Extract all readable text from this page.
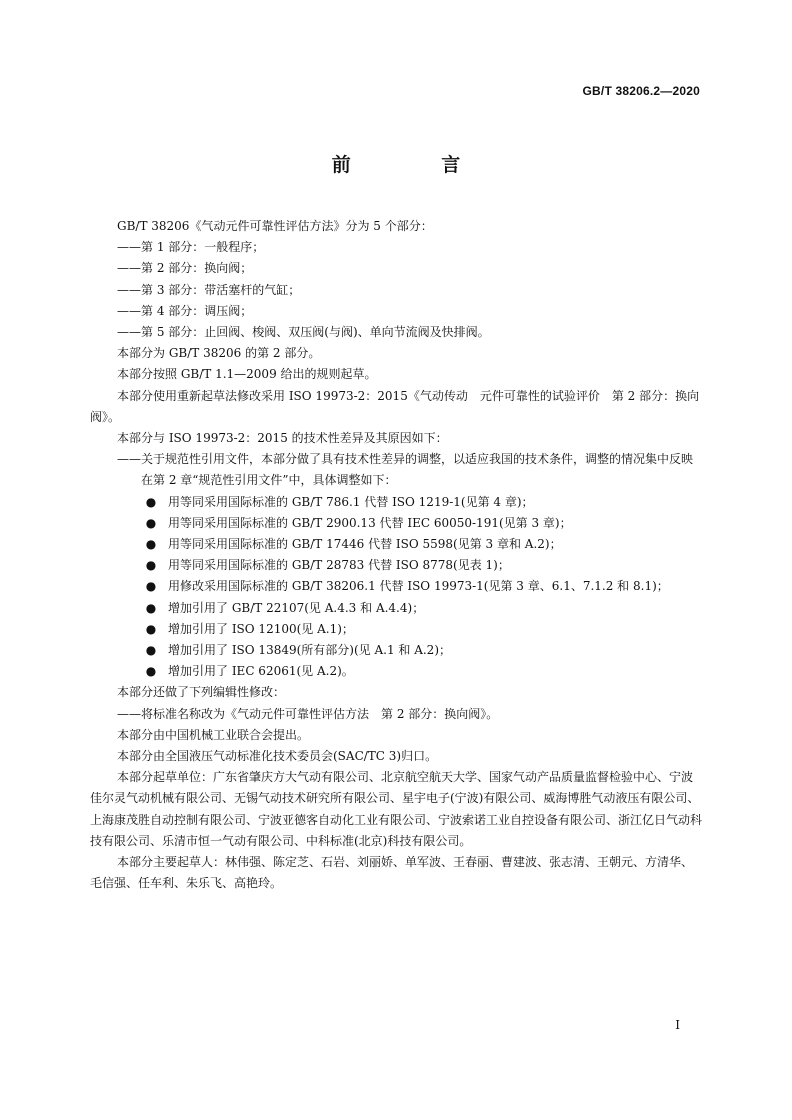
GB/T 38206.2—2020
前 言

GB/T 38206《气动元件可靠性评估方法》分为 5 个部分：

——第 1 部分：一般程序；

——第 2 部分：换向阀；

——第 3 部分：带活塞杆的气缸；

——第 4 部分：调压阀；

——第 5 部分：止回阀、梭阀、双压阀(与阀)、单向节流阀及快排阀。

本部分为 GB/T 38206 的第 2 部分。

本部分按照 GB/T 1.1—2009 给出的规则起草。

本部分使用重新起草法修改采用 ISO 19973-2：2015《气动传动　元件可靠性的试验评价　第 2 部分：换向阀》。

本部分与 ISO 19973-2：2015 的技术性差异及其原因如下：

——关于规范性引用文件，本部分做了具有技术性差异的调整，以适应我国的技术条件，调整的情况集中反映在第 2 章“规范性引用文件”中，具体调整如下：

● 用等同采用国际标准的 GB/T 786.1 代替 ISO 1219-1(见第 4 章)；

● 用等同采用国际标准的 GB/T 2900.13 代替 IEC 60050-191(见第 3 章)；

● 用等同采用国际标准的 GB/T 17446 代替 ISO 5598(见第 3 章和 A.2)；

● 用等同采用国际标准的 GB/T 28783 代替 ISO 8778(见表 1)；

● 用修改采用国际标准的 GB/T 38206.1 代替 ISO 19973-1(见第 3 章、6.1、7.1.2 和 8.1)；

● 增加引用了 GB/T 22107(见 A.4.3 和 A.4.4)；

● 增加引用了 ISO 12100(见 A.1)；

● 增加引用了 ISO 13849(所有部分)(见 A.1 和 A.2)；

● 增加引用了 IEC 62061(见 A.2)。

本部分还做了下列编辑性修改：

——将标准名称改为《气动元件可靠性评估方法　第 2 部分：换向阀》。

本部分由中国机械工业联合会提出。

本部分由全国液压气动标准化技术委员会(SAC/TC 3)归口。

本部分起草单位：广东省肇庆方大气动有限公司、北京航空航天大学、国家气动产品质量监督检验中心、宁波佳尔灵气动机械有限公司、无锡气动技术研究所有限公司、星宇电子(宁波)有限公司、威海博胜气动液压有限公司、上海康茂胜自动控制有限公司、宁波亚德客自动化工业有限公司、宁波索诺工业自控设备有限公司、浙江亿日气动科技有限公司、乐清市恒一气动有限公司、中科标准(北京)科技有限公司。

本部分主要起草人：林伟强、陈定芝、石岩、刘丽娇、单军波、王春丽、曹建波、张志清、王朝元、方清华、毛信强、任车利、朱乐飞、高艳玲。

I
